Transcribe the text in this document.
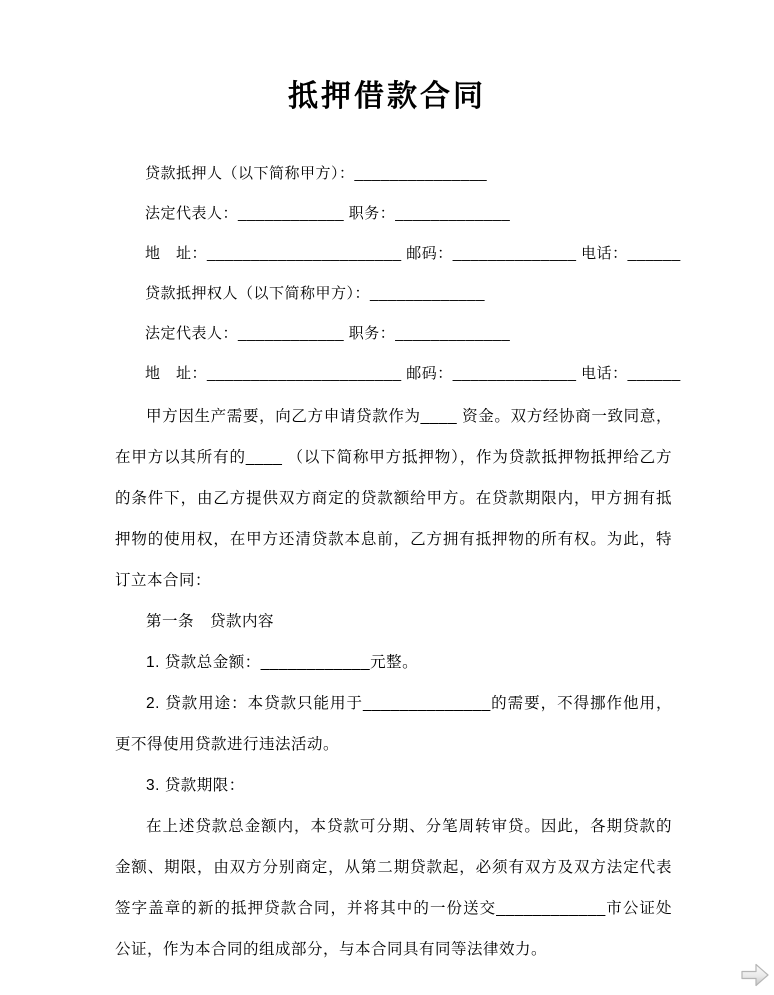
抵押借款合同

贷款抵押人（以下简称甲方）：_______________

法定代表人：____________ 职务：_____________

地　址：______________________ 邮码：______________ 电话：______

贷款抵押权人（以下简称甲方）：_____________

法定代表人：____________ 职务：_____________

地　址：______________________ 邮码：______________ 电话：______

甲方因生产需要，向乙方申请贷款作为____ 资金。双方经协商一致同意，在甲方以其所有的____ （以下简称甲方抵押物），作为贷款抵押物抵押给乙方的条件下，由乙方提供双方商定的贷款额给甲方。在贷款期限内，甲方拥有抵押物的使用权，在甲方还清贷款本息前，乙方拥有抵押物的所有权。为此，特订立本合同：

第一条　贷款内容

1. 贷款总金额：____________元整。

2. 贷款用途：本贷款只能用于______________的需要，不得挪作他用，更不得使用贷款进行违法活动。

3. 贷款期限：

在上述贷款总金额内，本贷款可分期、分笔周转审贷。因此，各期贷款的金额、期限，由双方分别商定，从第二期贷款起，必须有双方及双方法定代表签字盖章的新的抵押贷款合同，并将其中的一份送交____________市公证处公证，作为本合同的组成部分，与本合同具有同等法律效力。
